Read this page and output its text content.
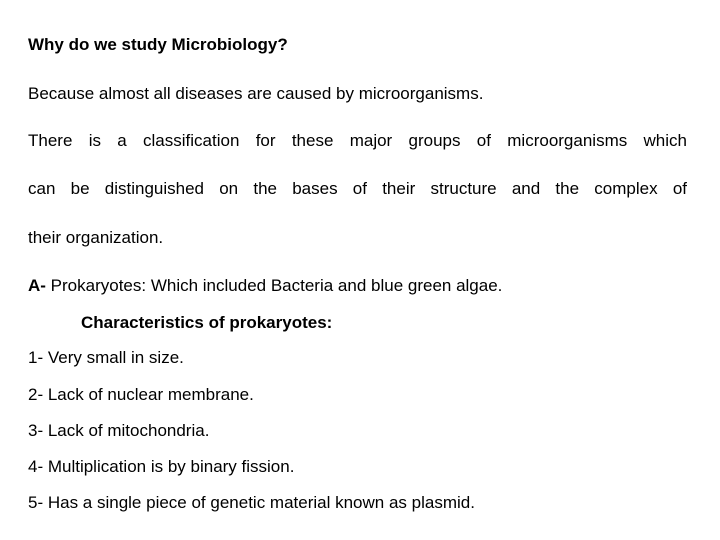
Why do we study Microbiology?
Because almost all diseases are caused by microorganisms.
There is a classification for these major groups of microorganisms which
can be distinguished on the bases of their structure and the complex of
their organization.
A- Prokaryotes: Which included Bacteria and blue green algae.
Characteristics of prokaryotes:
1- Very small in size.
2- Lack of nuclear membrane.
3- Lack of mitochondria.
4- Multiplication is by binary fission.
5- Has a single piece of genetic material known as plasmid.
